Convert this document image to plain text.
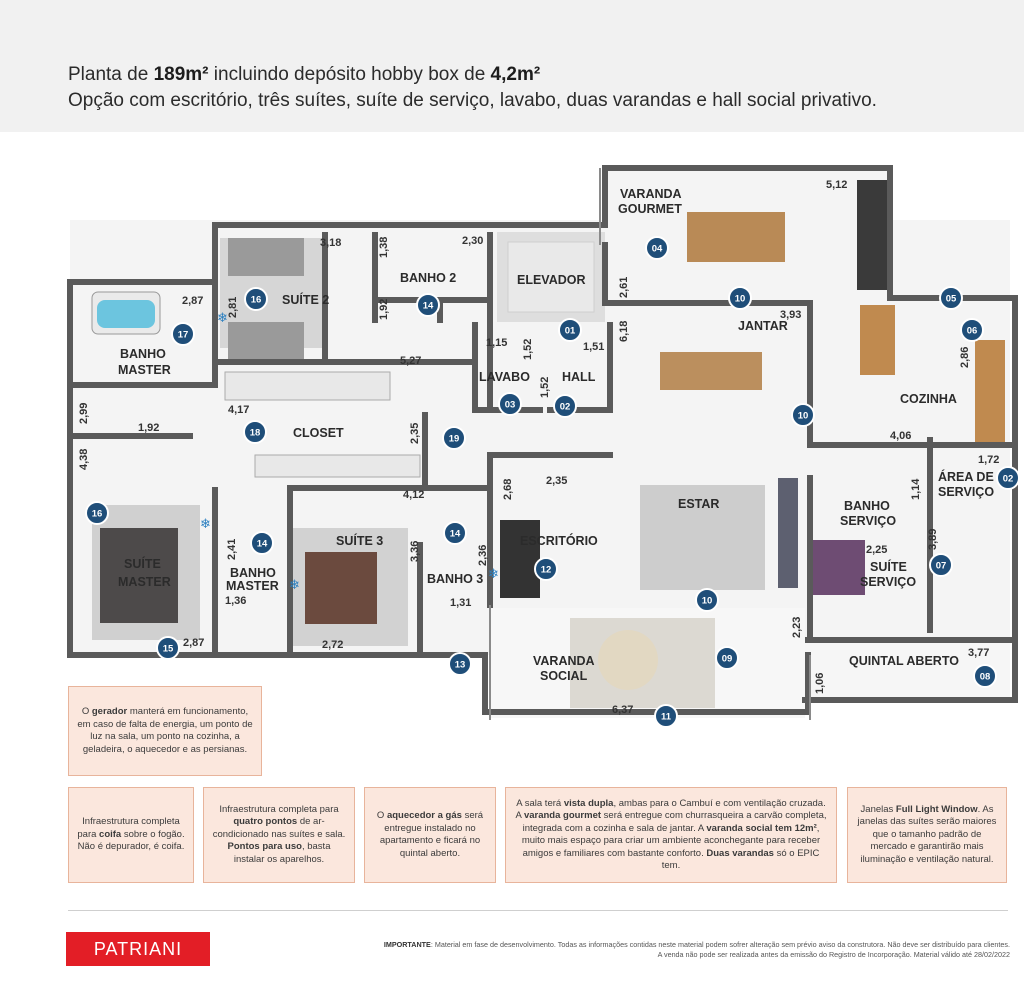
Planta de 189m² incluindo depósito hobby box de 4,2m²
Opção com escritório, três suítes, suíte de serviço, lavabo, duas varandas e hall social privativo.
VARANDA
GOURMET
ELEVADOR
BANHO 2
SUÍTE 2
BANHO
MASTER	LAVABO	HALL
JANTAR
COZINHA
CLOSET
ÁREA DE
SERVIÇO
ESTAR	BANHO
SERVIÇO
SUÍTE
MASTER
BANHO
MASTER
SUÍTE 3
BANHO 3
ESCRITÓRIO
SUÍTE
SERVIÇO
VARANDA
SOCIAL
QUINTAL ABERTO
5,12
3,18	1,38	2,30
2,87 2,81
2,61
1,92	3,93
6,18
1,15 1,52	1,51
1,52
5,27	2,86
2,99	4,17
1,92	2,35	4,06
1,72
4,38
4,12	2,68	2,35	1,14
2,41	3,36	2,36	2,25	3,89
1,36	1,31
2,87	2,72
2,23
3,77
1,06
6,37
❄
❄
❄
❄
01
02
02
03
04
05
06
07
08
09
10
10
10
11
12
13
14
14
14
15
16
16
17
18
19
O gerador manterá em funcionamento, em caso de falta de energia, um ponto de luz na sala, um ponto na cozinha, a geladeira, o aquecedor e as persianas.
Infraestrutura completa para coifa sobre o fogão. Não é depurador, é coifa.
Infraestrutura completa para quatro pontos de ar-condicionado nas suítes e sala. Pontos para uso, basta instalar os aparelhos.
O aquecedor a gás será entregue instalado no apartamento e ficará no quintal aberto.
A sala terá vista dupla, ambas para o Cambuí e com ventilação cruzada. A varanda gourmet será entregue com churrasqueira a carvão completa, integrada com a cozinha e sala de jantar. A varanda social tem 12m², muito mais espaço para criar um ambiente aconchegante para receber amigos e familiares com bastante conforto. Duas varandas só o EPIC tem.
Janelas Full Light Window. As janelas das suítes serão maiores que o tamanho padrão de mercado e garantirão mais iluminação e ventilação natural.
PATRIANI	IMPORTANTE: Material em fase de desenvolvimento. Todas as informações contidas neste material podem sofrer alteração sem prévio aviso da construtora. Não deve ser distribuído para clientes. A venda não pode ser realizada antes da emissão do Registro de Incorporação. Material válido até 28/02/2022
